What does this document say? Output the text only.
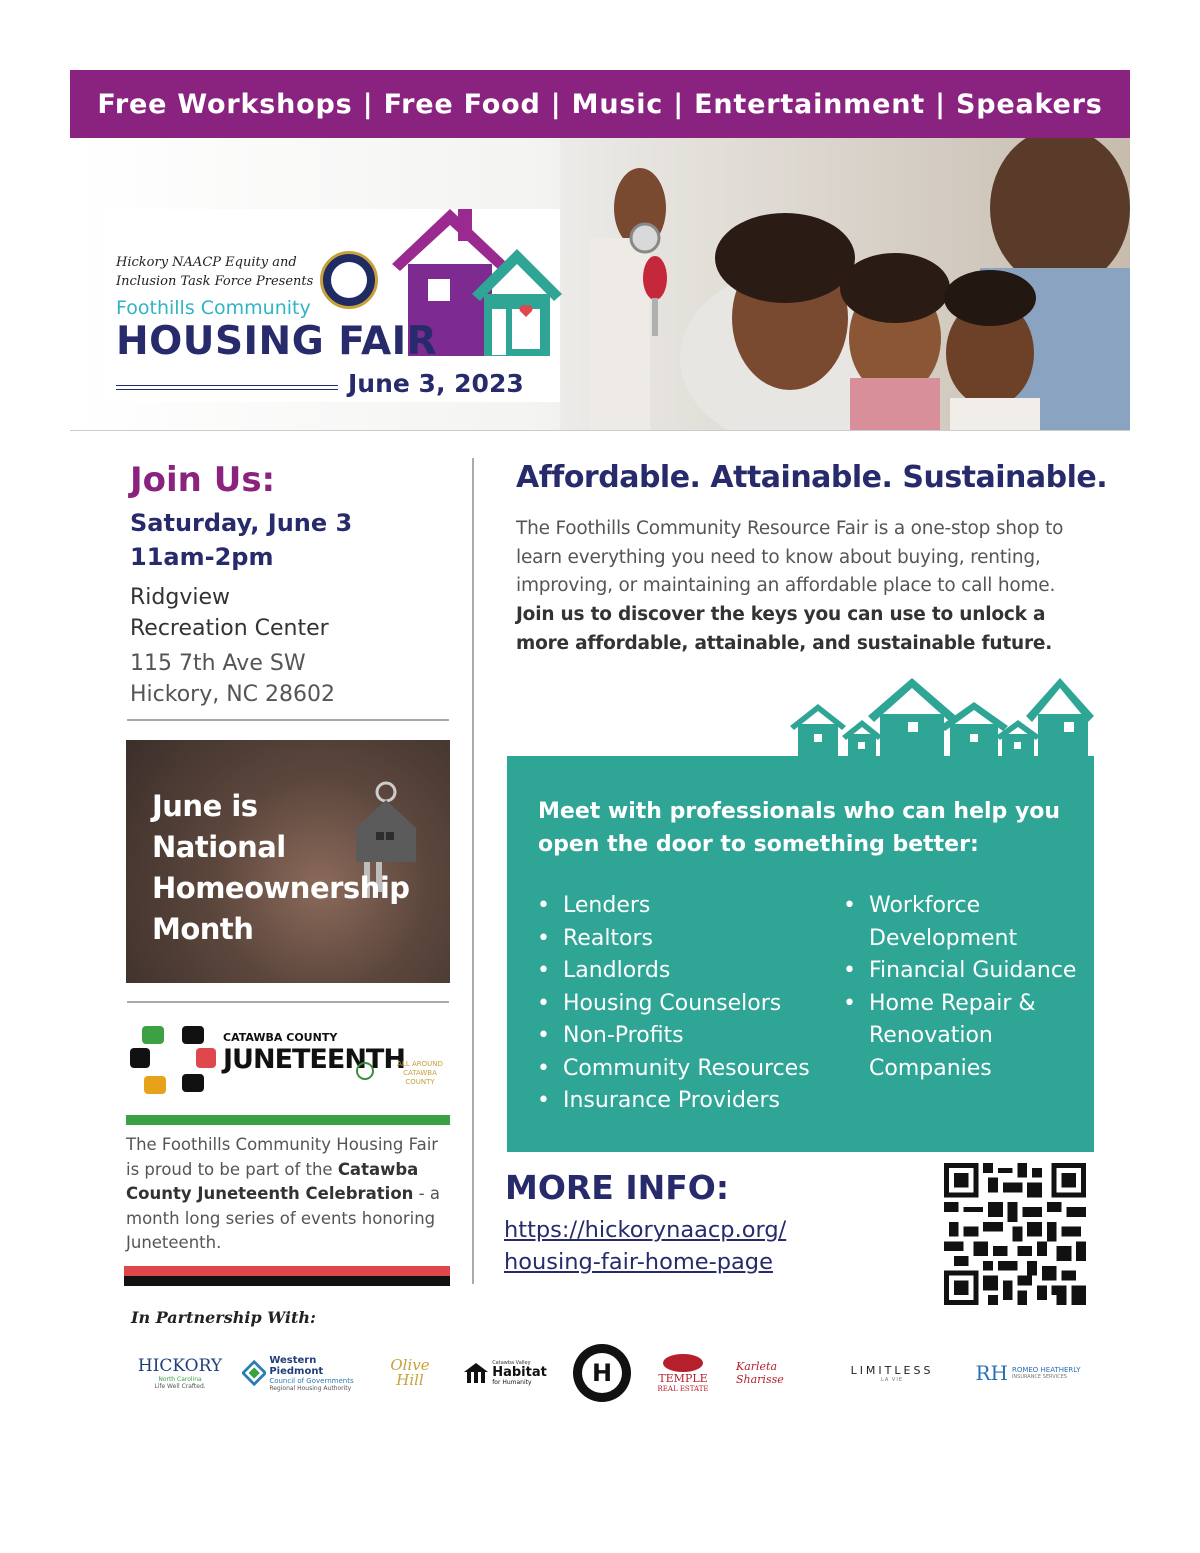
Free Workshops | Free Food | Music | Entertainment | Speakers
Hickory NAACP Equity and
Inclusion Task Force Presents
Foothills Community
HOUSING FAIR
June 3, 2023
Join Us:
Saturday, June 3
11am-2pm
Ridgview
Recreation Center
115 7th Ave SW
Hickory, NC 28602
June is
National
Homeownership
Month
CATAWBA COUNTY
JUNETEENTH
ALL AROUND CATAWBA COUNTY
The Foothills Community Housing Fair is proud to be part of the Catawba County Juneteenth Celebration - a month long series of events honoring Juneteenth.
Affordable. Attainable. Sustainable.
The Foothills Community Resource Fair is a one-stop shop to learn everything you need to know about buying, renting, improving, or maintaining an affordable place to call home. Join us to discover the keys you can use to unlock a more affordable, attainable, and sustainable future.
Meet with professionals who can help you open the door to something better:
• Lenders
• Realtors
• Landlords
• Housing Counselors
• Non-Profits
• Community Resources
• Insurance Providers
• Workforce Development
• Financial Guidance
• Home Repair & Renovation Companies
MORE INFO:
https://hickorynaacp.org/
housing-fair-home-page
In Partnership With:
HICKORY
North Carolina
Life Well Crafted.
Western Piedmont
Council of Governments
Regional Housing Authority
Olive Hill
Catawba Valley
Habitat
for Humanity	H	TEMPLE
REAL ESTATE
Karleta Sharisse
LIMITLESS
LA VIE	RH ROMEO HEATHERLY
INSURANCE SERVICES
